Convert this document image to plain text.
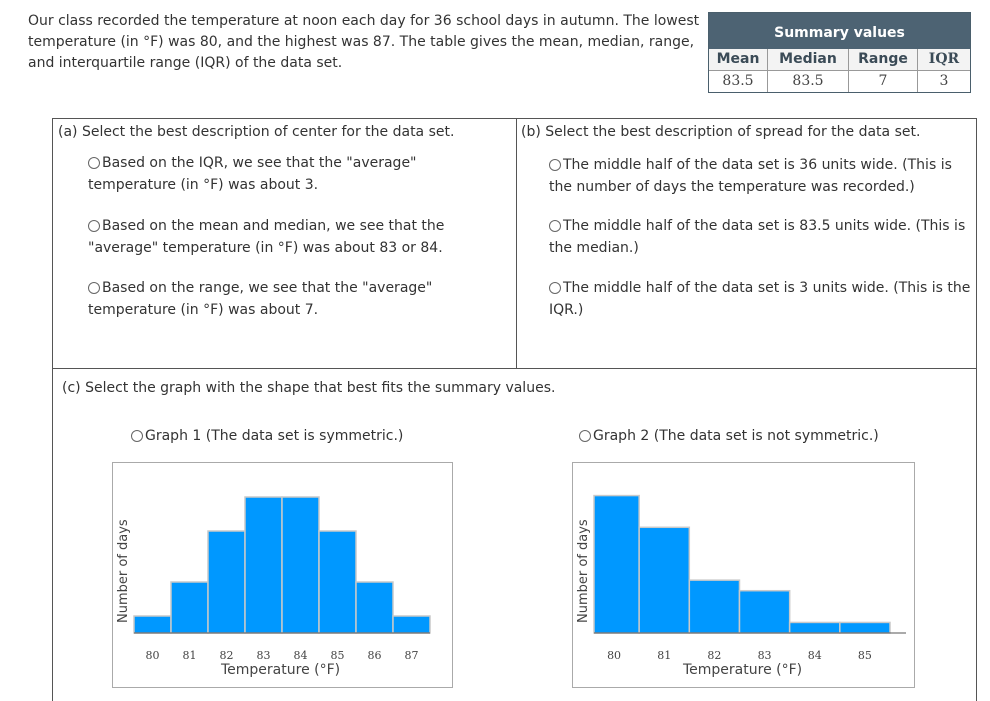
Our class recorded the temperature at noon each day for 36 school days in autumn. The lowest temperature (in °F) was 80, and the highest was 87. The table gives the mean, median, range, and interquartile range (IQR) of the data set.
Summary values
Mean	Median	Range	IQR
83.5	83.5	7	3
(a) Select the best description of center for the data set.
Based on the IQR, we see that the "average" temperature (in °F) was about 3.
Based on the mean and median, we see that the "average" temperature (in °F) was about 83 or 84.
Based on the range, we see that the "average" temperature (in °F) was about 7.
(b) Select the best description of spread for the data set.
The middle half of the data set is 36 units wide. (This is the number of days the temperature was recorded.)
The middle half of the data set is 83.5 units wide. (This is the median.)
The middle half of the data set is 3 units wide. (This is the IQR.)
(c) Select the graph with the shape that best fits the summary values.
Graph 1 (The data set is symmetric.)	Graph 2 (The data set is not symmetric.)
Number of days
80 81 82 83 84 85 86 87
Temperature (°F)
Number of days
80	81	82	83	84	85
Temperature (°F)
